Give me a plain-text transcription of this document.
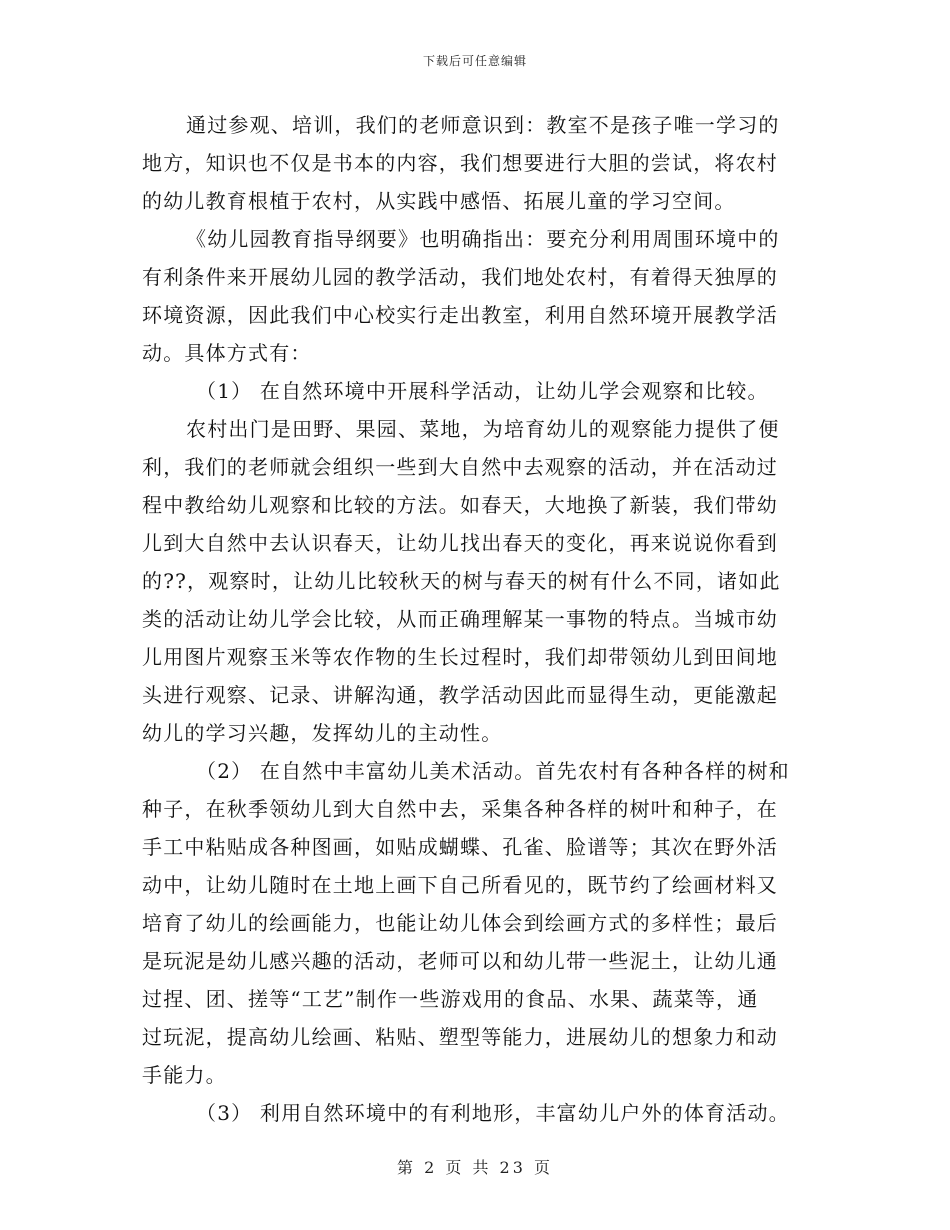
下载后可任意编辑
通过参观、培训，我们的老师意识到：教室不是孩子唯一学习的
地方，知识也不仅是书本的内容，我们想要进行大胆的尝试，将农村
的幼儿教育根植于农村，从实践中感悟、拓展儿童的学习空间。
《幼儿园教育指导纲要》也明确指出：要充分利用周围环境中的
有利条件来开展幼儿园的教学活动，我们地处农村，有着得天独厚的
环境资源，因此我们中心校实行走出教室，利用自然环境开展教学活
动。具体方式有：
（1） 在自然环境中开展科学活动，让幼儿学会观察和比较。
农村出门是田野、果园、菜地，为培育幼儿的观察能力提供了便
利，我们的老师就会组织一些到大自然中去观察的活动，并在活动过
程中教给幼儿观察和比较的方法。如春天，大地换了新装，我们带幼
儿到大自然中去认识春天，让幼儿找出春天的变化，再来说说你看到
的??，观察时，让幼儿比较秋天的树与春天的树有什么不同，诸如此
类的活动让幼儿学会比较，从而正确理解某一事物的特点。当城市幼
儿用图片观察玉米等农作物的生长过程时，我们却带领幼儿到田间地
头进行观察、记录、讲解沟通，教学活动因此而显得生动，更能激起
幼儿的学习兴趣，发挥幼儿的主动性。
（2） 在自然中丰富幼儿美术活动。首先农村有各种各样的树和
种子，在秋季领幼儿到大自然中去，采集各种各样的树叶和种子，在
手工中粘贴成各种图画，如贴成蝴蝶、孔雀、脸谱等；其次在野外活
动中，让幼儿随时在土地上画下自己所看见的，既节约了绘画材料又
培育了幼儿的绘画能力，也能让幼儿体会到绘画方式的多样性；最后
是玩泥是幼儿感兴趣的活动，老师可以和幼儿带一些泥土，让幼儿通
过捏、团、搓等“工艺”制作一些游戏用的食品、水果、蔬菜等，通
过玩泥，提高幼儿绘画、粘贴、塑型等能力，进展幼儿的想象力和动
手能力。
（3） 利用自然环境中的有利地形，丰富幼儿户外的体育活动。
第 2 页 共 23 页
